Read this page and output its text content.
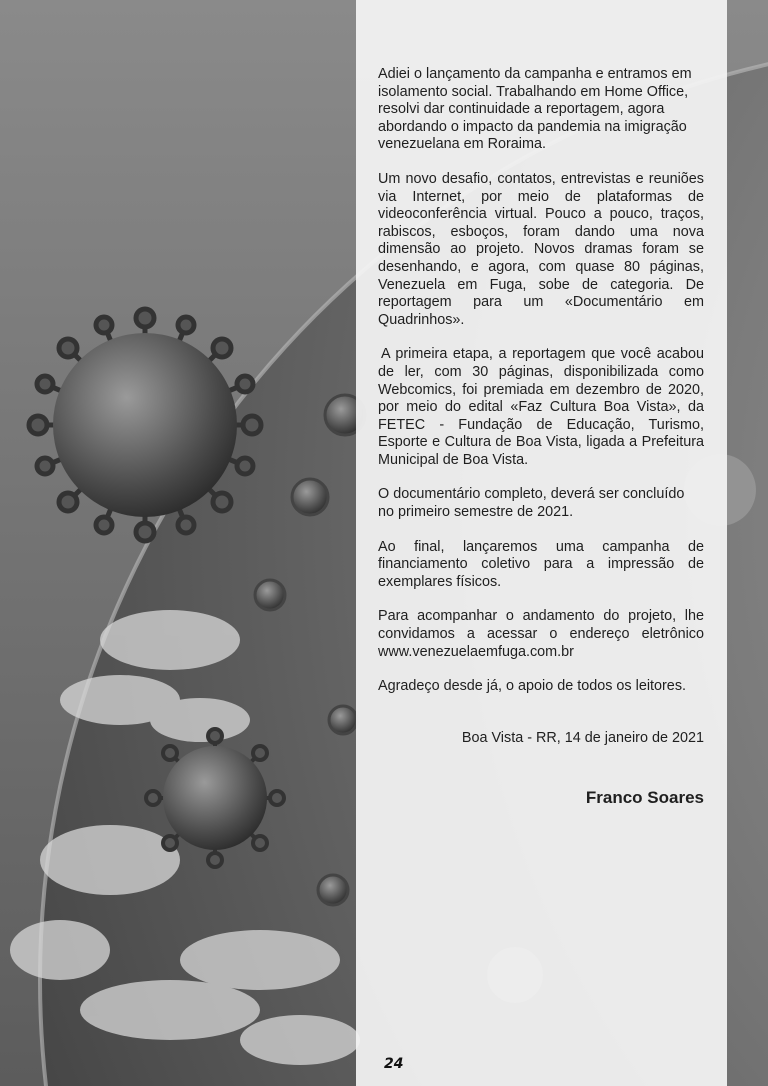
Adiei o lançamento da campanha e entramos em isolamento social. Trabalhando em Home Office, resolvi dar continuidade a reportagem, agora abordando o impacto da pandemia na imigração venezuelana em Roraima.

Um novo desafio, contatos, entrevistas e reuniões via Internet, por meio de plataformas de videoconferência virtual. Pouco a pouco, traços, rabiscos, esboços, foram dando uma nova dimensão ao projeto. Novos dramas foram se desenhando, e agora, com quase 80 páginas, Venezuela em Fuga, sobe de categoria. De reportagem para um «Documentário em Quadrinhos».

A primeira etapa, a reportagem que você acabou de ler, com 30 páginas, disponibilizada como Webcomics, foi premiada em dezembro de 2020, por meio do edital «Faz Cultura Boa Vista», da FETEC - Fundação de Educação, Turismo, Esporte e Cultura de Boa Vista, ligada a Prefeitura Municipal de Boa Vista.

O documentário completo, deverá ser concluído no primeiro semestre de 2021.

Ao final, lançaremos uma campanha de financiamento coletivo para a impressão de exemplares físicos.

Para acompanhar o andamento do projeto, lhe convidamos a acessar o endereço eletrônico www.venezuelaemfuga.com.br

Agradeço desde já, o apoio de todos os leitores.

Boa Vista - RR, 14 de janeiro de 2021

Franco Soares

24
